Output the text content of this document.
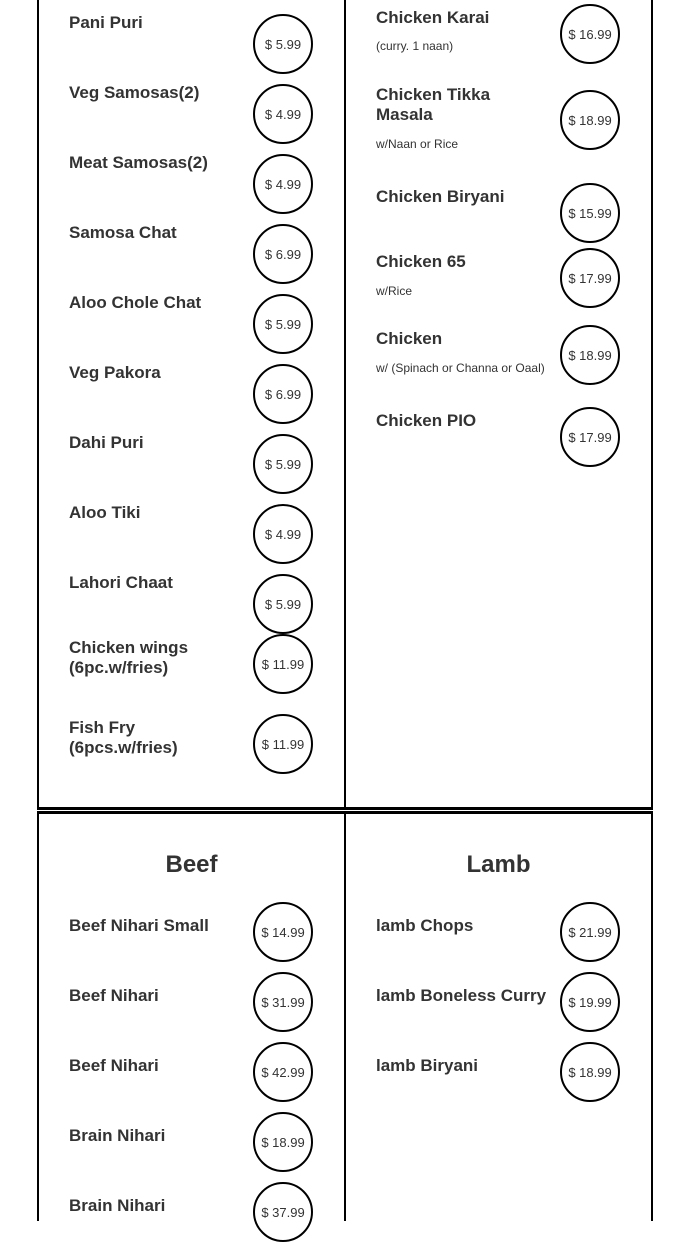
Pani Puri
$ 5.99
Veg Samosas(2)
$ 4.99
Meat Samosas(2)
$ 4.99
Samosa Chat
$ 6.99
Aloo Chole Chat
$ 5.99
Veg Pakora
$ 6.99
Dahi Puri
$ 5.99
Aloo Tiki
$ 4.99
Lahori Chaat
$ 5.99
Chicken wings (6pc.w/fries)	$ 11.99
Fish Fry (6pcs.w/fries)	$ 11.99
Chicken Karai
(curry. 1 naan)
$ 16.99
Chicken Tikka Masala
w/Naan or Rice
$ 18.99
Chicken Biryani
$ 15.99
Chicken 65
w/Rice
$ 17.99
Chicken
w/ (Spinach or Channa or Oaal)
$ 18.99
Chicken PIO
$ 17.99
Beef
Beef Nihari Small	$ 14.99
Beef Nihari	$ 31.99
Beef Nihari	$ 42.99
Brain Nihari	$ 18.99
Brain Nihari	$ 37.99
Lamb
lamb Chops	$ 21.99
lamb Boneless Curry	$ 19.99
lamb Biryani	$ 18.99
